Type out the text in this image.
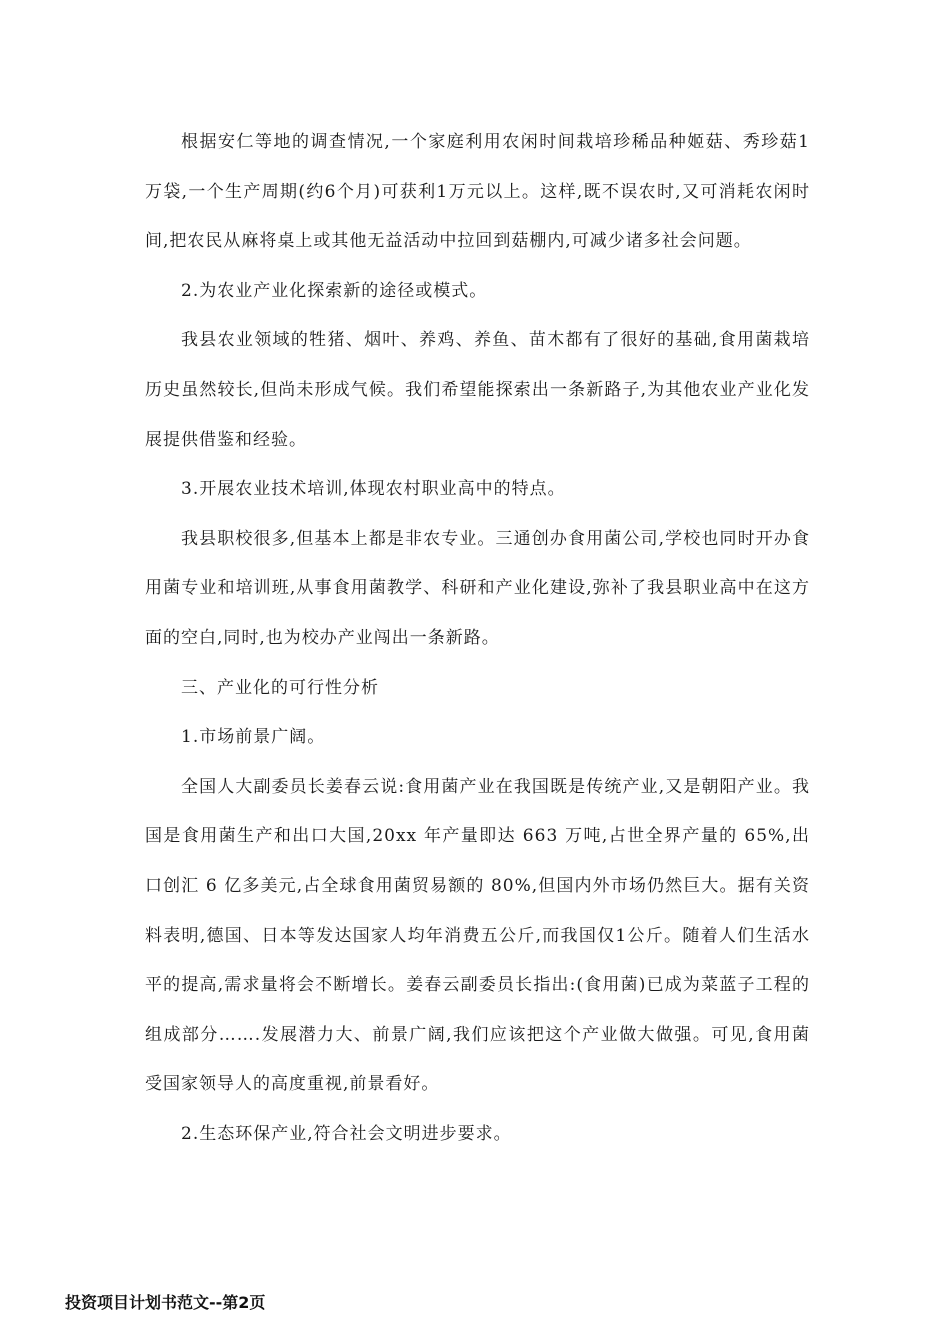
根据安仁等地的调查情况,一个家庭利用农闲时间栽培珍稀品种姬菇、秀珍菇1万袋,一个生产周期(约6个月)可获利1万元以上。这样,既不误农时,又可消耗农闲时间,把农民从麻将桌上或其他无益活动中拉回到菇棚内,可减少诸多社会问题。

2.为农业产业化探索新的途径或模式。

我县农业领域的牲猪、烟叶、养鸡、养鱼、苗木都有了很好的基础,食用菌栽培历史虽然较长,但尚未形成气候。我们希望能探索出一条新路子,为其他农业产业化发展提供借鉴和经验。

3.开展农业技术培训,体现农村职业高中的特点。

我县职校很多,但基本上都是非农专业。三通创办食用菌公司,学校也同时开办食用菌专业和培训班,从事食用菌教学、科研和产业化建设,弥补了我县职业高中在这方面的空白,同时,也为校办产业闯出一条新路。

三、产业化的可行性分析

1.市场前景广阔。

全国人大副委员长姜春云说:食用菌产业在我国既是传统产业,又是朝阳产业。我国是食用菌生产和出口大国,20xx 年产量即达 663 万吨,占世全界产量的 65%,出口创汇 6 亿多美元,占全球食用菌贸易额的 80%,但国内外市场仍然巨大。据有关资料表明,德国、日本等发达国家人均年消费五公斤,而我国仅1公斤。随着人们生活水平的提高,需求量将会不断增长。姜春云副委员长指出:(食用菌)已成为菜蓝子工程的组成部分…….发展潜力大、前景广阔,我们应该把这个产业做大做强。可见,食用菌受国家领导人的高度重视,前景看好。

2.生态环保产业,符合社会文明进步要求。

投资项目计划书范文--第2页
